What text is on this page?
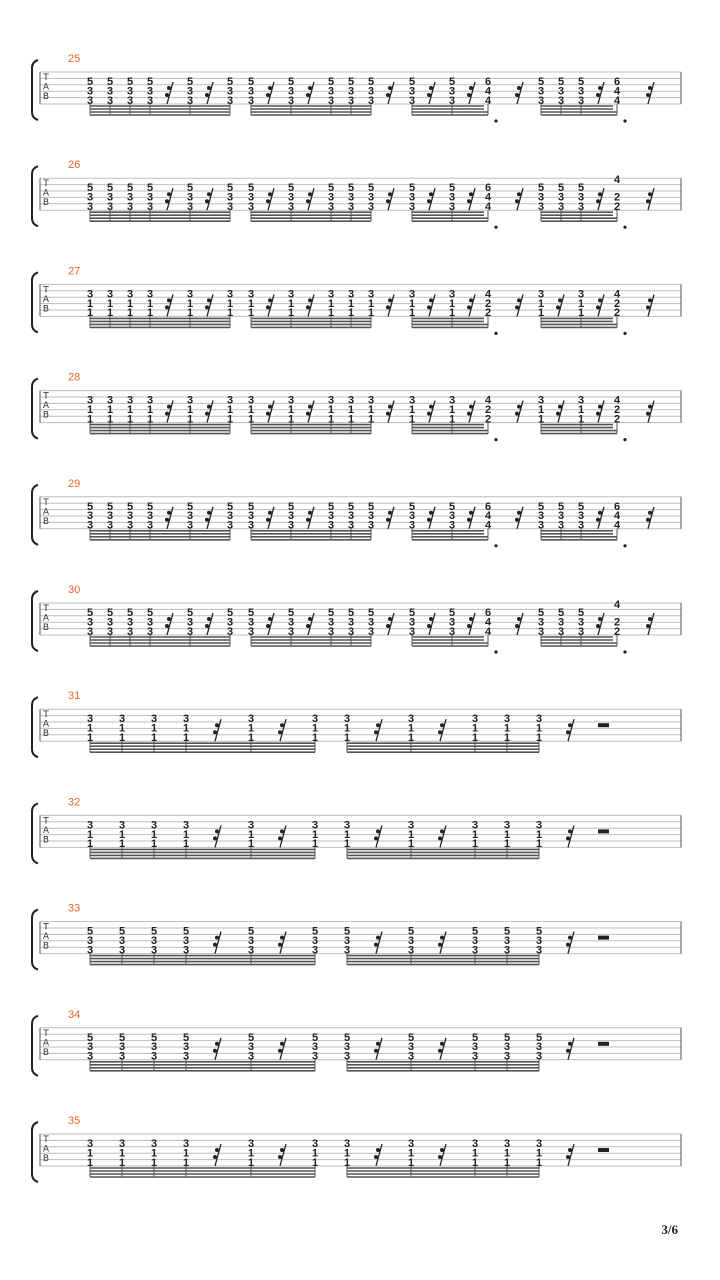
T
A
B
25
5
3
3
5
3
3
5
3
3
5
3
3
5
3
3
5
3
3
5
3
3
5
3
3
5
3
3
5
3
3
5
3
3
5
3
3
5
3
3
6
4
4
5
3
3
5
3
3
5
3
3
6
4
4
T
A
B
26
5
3
3
5
3
3
5
3
3
5
3
3
5
3
3
5
3
3
5
3
3
5
3
3
5
3
3
5
3
3
5
3
3
5
3
3
5
3
3
6
4
4
5
3
3
5
3
3
5
3
3
4
2
2
T
A
B
27
3
1
1
3
1
1
3
1
1
3
1
1
3
1
1
3
1
1
3
1
1
3
1
1
3
1
1
3
1
1
3
1
1
3
1
1
3
1
1
4
2
2
3
1
1
3
1
1
4
2
2
T
A
B
28
3
1
1
3
1
1
3
1
1
3
1
1
3
1
1
3
1
1
3
1
1
3
1
1
3
1
1
3
1
1
3
1
1
3
1
1
3
1
1
4
2
2
3
1
1
3
1
1
4
2
2
T
A
B
29
5
3
3
5
3
3
5
3
3
5
3
3
5
3
3
5
3
3
5
3
3
5
3
3
5
3
3
5
3
3
5
3
3
5
3
3
5
3
3
6
4
4
5
3
3
5
3
3
5
3
3
6
4
4
T
A
B
30
5
3
3
5
3
3
5
3
3
5
3
3
5
3
3
5
3
3
5
3
3
5
3
3
5
3
3
5
3
3
5
3
3
5
3
3
5
3
3
6
4
4
5
3
3
5
3
3
5
3
3
4
2
2
T
A
B
31
3
1
1
3
1
1
3
1
1
3
1
1
3
1
1
3
1
1
3
1
1
3
1
1
3
1
1
3
1
1
3
1
1
T
A
B
32
3
1
1
3
1
1
3
1
1
3
1
1
3
1
1
3
1
1
3
1
1
3
1
1
3
1
1
3
1
1
3
1
1
T
A
B
33
5
3
3
5
3
3
5
3
3
5
3
3
5
3
3
5
3
3
5
3
3
5
3
3
5
3
3
5
3
3
5
3
3
T
A
B
34
5
3
3
5
3
3
5
3
3
5
3
3
5
3
3
5
3
3
5
3
3
5
3
3
5
3
3
5
3
3
5
3
3
T
A
B
35
3
1
1
3
1
1
3
1
1
3
1
1
3
1
1
3
1
1
3
1
1
3
1
1
3
1
1
3
1
1
3
1
1
3/6
